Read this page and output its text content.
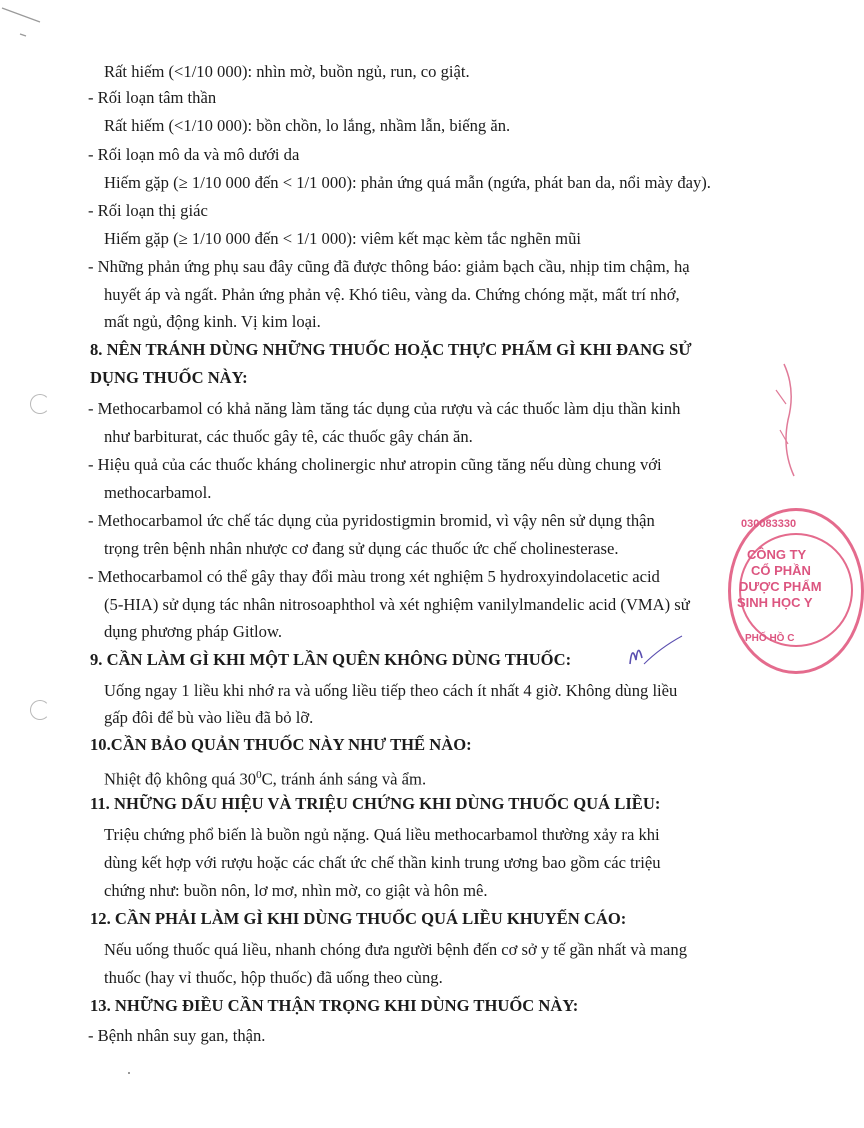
Rất hiếm (<1/10 000): nhìn mờ, buồn ngủ, run, co giật.
- Rối loạn tâm thần
Rất hiếm (<1/10 000): bồn chồn, lo lắng, nhầm lẫn, biếng ăn.
- Rối loạn mô da và mô dưới da
Hiếm gặp (≥ 1/10 000 đến < 1/1 000): phản ứng quá mẫn (ngứa, phát ban da, nổi mày đay).
- Rối loạn thị giác
Hiếm gặp (≥ 1/10 000 đến < 1/1 000): viêm kết mạc kèm tắc nghẽn mũi
- Những phản ứng phụ sau đây cũng đã được thông báo: giảm bạch cầu, nhịp tim chậm, hạ
huyết áp và ngất. Phản ứng phản vệ. Khó tiêu, vàng da. Chứng chóng mặt, mất trí nhớ,
mất ngủ, động kinh. Vị kim loại.
8. NÊN TRÁNH DÙNG NHỮNG THUỐC HOẶC THỰC PHẨM GÌ KHI ĐANG SỬ
DỤNG THUỐC NÀY:
- Methocarbamol có khả năng làm tăng tác dụng của rượu và các thuốc làm dịu thần kinh
như barbiturat, các thuốc gây tê, các thuốc gây chán ăn.
- Hiệu quả của các thuốc kháng cholinergic như atropin cũng tăng nếu dùng chung với
methocarbamol.
- Methocarbamol ức chế tác dụng của pyridostigmin bromid, vì vậy nên sử dụng thận
trọng trên bệnh nhân nhược cơ đang sử dụng các thuốc ức chế cholinesterase.
- Methocarbamol có thể gây thay đổi màu trong xét nghiệm 5 hydroxyindolacetic acid
(5-HIA) sử dụng tác nhân nitrosoaphthol và xét nghiệm vanilylmandelic acid (VMA) sử
dụng phương pháp Gitlow.
9. CẦN LÀM GÌ KHI MỘT LẦN QUÊN KHÔNG DÙNG THUỐC:
Uống ngay 1 liều khi nhớ ra và uống liều tiếp theo cách ít nhất 4 giờ. Không dùng liều
gấp đôi để bù vào liều đã bỏ lỡ.
10.CẦN BẢO QUẢN THUỐC NÀY NHƯ THẾ NÀO:
Nhiệt độ không quá $30^0C$, tránh ánh sáng và ẩm.
11. NHỮNG DẤU HIỆU VÀ TRIỆU CHỨNG KHI DÙNG THUỐC QUÁ LIỀU:
Triệu chứng phổ biến là buồn ngủ nặng. Quá liều methocarbamol thường xảy ra khi
dùng kết hợp với rượu hoặc các chất ức chế thần kinh trung ương bao gồm các triệu
chứng như: buồn nôn, lơ mơ, nhìn mờ, co giật và hôn mê.
12. CẦN PHẢI LÀM GÌ KHI DÙNG THUỐC QUÁ LIỀU KHUYẾN CÁO:
Nếu uống thuốc quá liều, nhanh chóng đưa người bệnh đến cơ sở y tế gần nhất và mang
thuốc (hay vỉ thuốc, hộp thuốc) đã uống theo cùng.
13. NHỮNG ĐIỀU CẦN THẬN TRỌNG KHI DÙNG THUỐC NÀY:
- Bệnh nhân suy gan, thận.
030083330
CÔNG TY
CỔ PHẦN
DƯỢC PHẨM
SINH HỌC Y
PHỐ HỒ C
